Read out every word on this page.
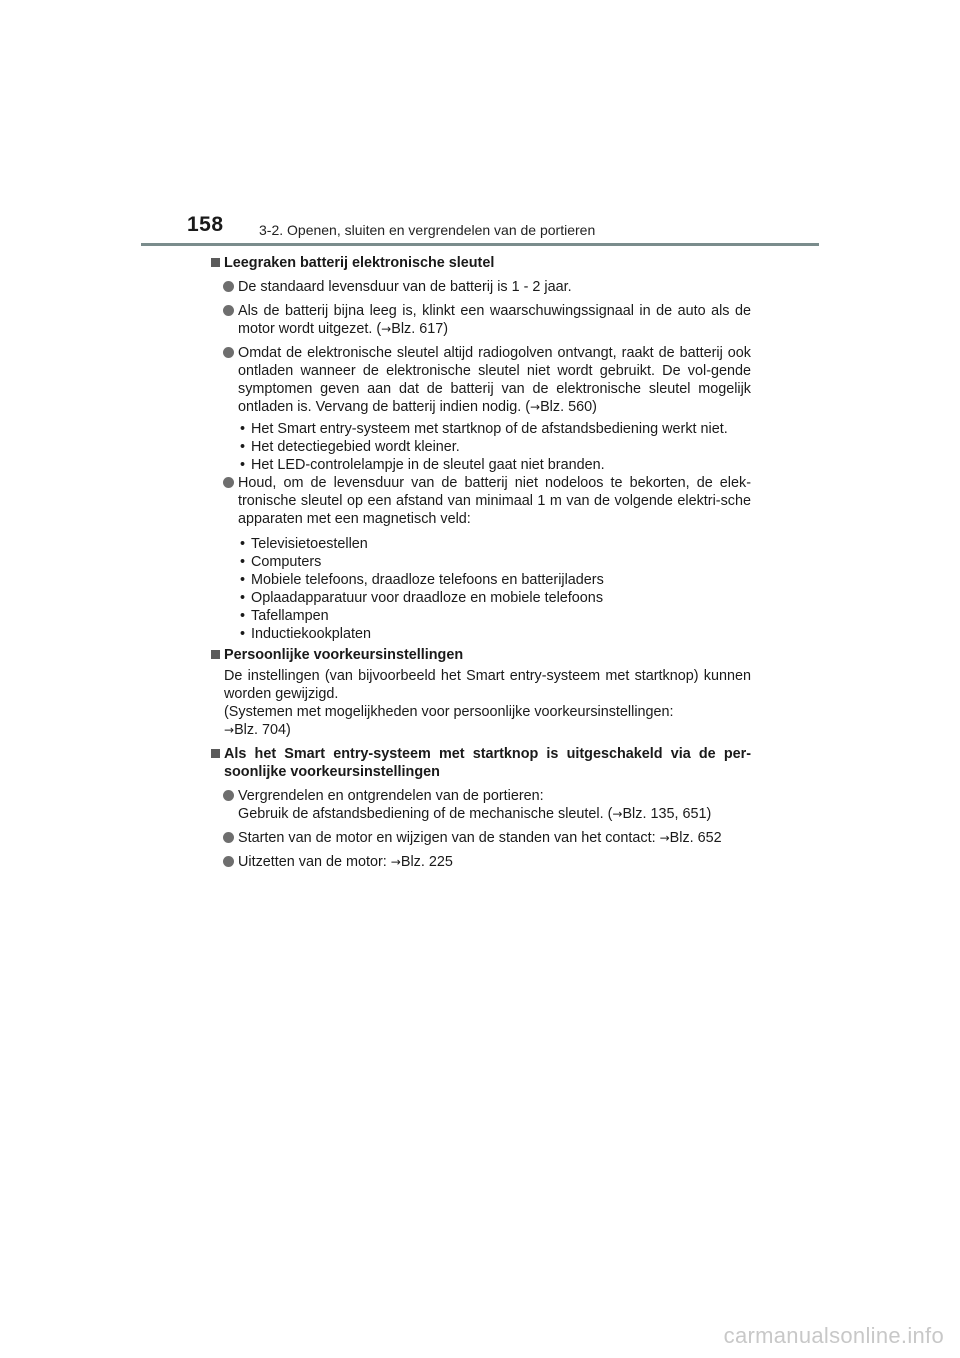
158	3-2. Openen, sluiten en vergrendelen van de portieren
Leegraken batterij elektronische sleutel
De standaard levensduur van de batterij is 1 - 2 jaar.
Als de batterij bijna leeg is, klinkt een waarschuwingssignaal in de auto als de motor wordt uitgezet. (→Blz. 617)
Omdat de elektronische sleutel altijd radiogolven ontvangt, raakt de batterij ook ontladen wanneer de elektronische sleutel niet wordt gebruikt. De vol-gende symptomen geven aan dat de batterij van de elektronische sleutel mogelijk ontladen is. Vervang de batterij indien nodig. (→Blz. 560)
• Het Smart entry-systeem met startknop of de afstandsbediening werkt niet.
• Het detectiegebied wordt kleiner.
• Het LED-controlelampje in de sleutel gaat niet branden.
Houd, om de levensduur van de batterij niet nodeloos te bekorten, de elek-tronische sleutel op een afstand van minimaal 1 m van de volgende elektri-sche apparaten met een magnetisch veld:
• Televisietoestellen
• Computers
• Mobiele telefoons, draadloze telefoons en batterijladers
• Oplaadapparatuur voor draadloze en mobiele telefoons
• Tafellampen
• Inductiekookplaten
Persoonlijke voorkeursinstellingen
De instellingen (van bijvoorbeeld het Smart entry-systeem met startknop) kunnen worden gewijzigd.
(Systemen met mogelijkheden voor persoonlijke voorkeursinstellingen:
→Blz. 704)
Als het Smart entry-systeem met startknop is uitgeschakeld via de per-soonlijke voorkeursinstellingen
Vergrendelen en ontgrendelen van de portieren:
Gebruik de afstandsbediening of de mechanische sleutel. (→Blz. 135, 651)
Starten van de motor en wijzigen van de standen van het contact: →Blz. 652
Uitzetten van de motor: →Blz. 225
carmanualsonline.info
